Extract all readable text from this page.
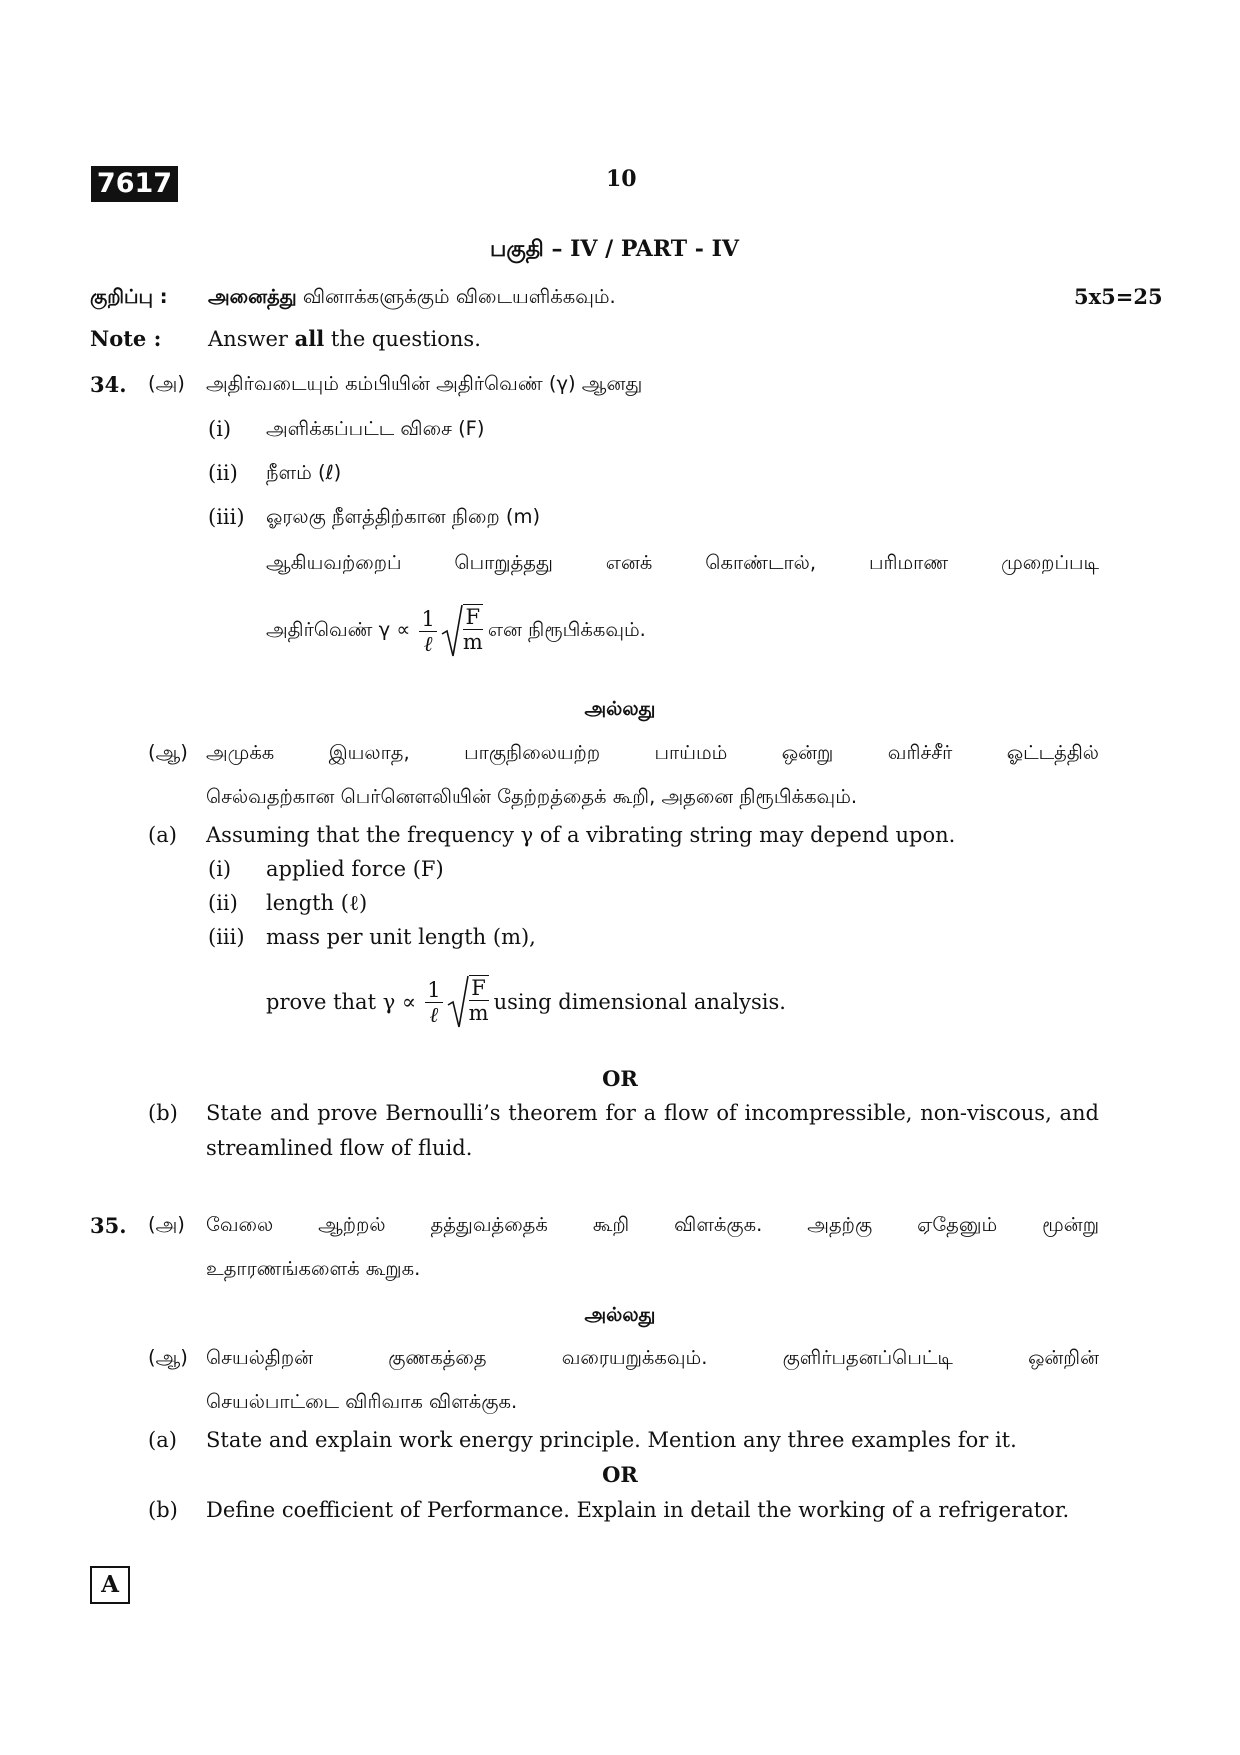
7617	10
பகுதி – IV / PART - IV
குறிப்பு : அனைத்து வினாக்களுக்கும் விடையளிக்கவும்.	5x5=25
Note : Answer all the questions.
34. (அ) அதிர்வடையும் கம்பியின் அதிர்வெண் (γ) ஆனது
(i) அளிக்கப்பட்ட விசை (F)
(ii) நீளம் (ℓ)
(iii) ஓரலகு நீளத்திற்கான நிறை (m)
ஆகியவற்றைப் பொறுத்தது எனக் கொண்டால், பரிமாண முறைப்படி
அதிர்வெண் $\gamma \propto \frac{1}{\text{ℓ}} \frac{F}{m}$ என நிரூபிக்கவும்.
அல்லது
(ஆ) அமுக்க இயலாத, பாகுநிலையற்ற பாய்மம் ஒன்று வரிச்சீர் ஓட்டத்தில்
செல்வதற்கான பெர்னௌலியின் தேற்றத்தைக் கூறி, அதனை நிரூபிக்கவும்.
(a) Assuming that the frequency γ of a vibrating string may depend upon.
(i) applied force (F)
(ii) length (ℓ)
(iii) mass per unit length (m),
prove that $\gamma \propto \frac{1}{\text{ℓ}} \frac{F}{m}$ using dimensional analysis.
OR
(b) State and prove Bernoulli’s theorem for a flow of incompressible, non-viscous, and
streamlined flow of fluid.
35. (அ) வேலை ஆற்றல் தத்துவத்தைக் கூறி விளக்குக. அதற்கு ஏதேனும் மூன்று
உதாரணங்களைக் கூறுக.
அல்லது
(ஆ) செயல்திறன் குணகத்தை வரையறுக்கவும். குளிர்பதனப்பெட்டி ஒன்றின்
செயல்பாட்டை விரிவாக விளக்குக.
(a) State and explain work energy principle. Mention any three examples for it.
OR
(b) Define coefficient of Performance. Explain in detail the working of a refrigerator.
A
